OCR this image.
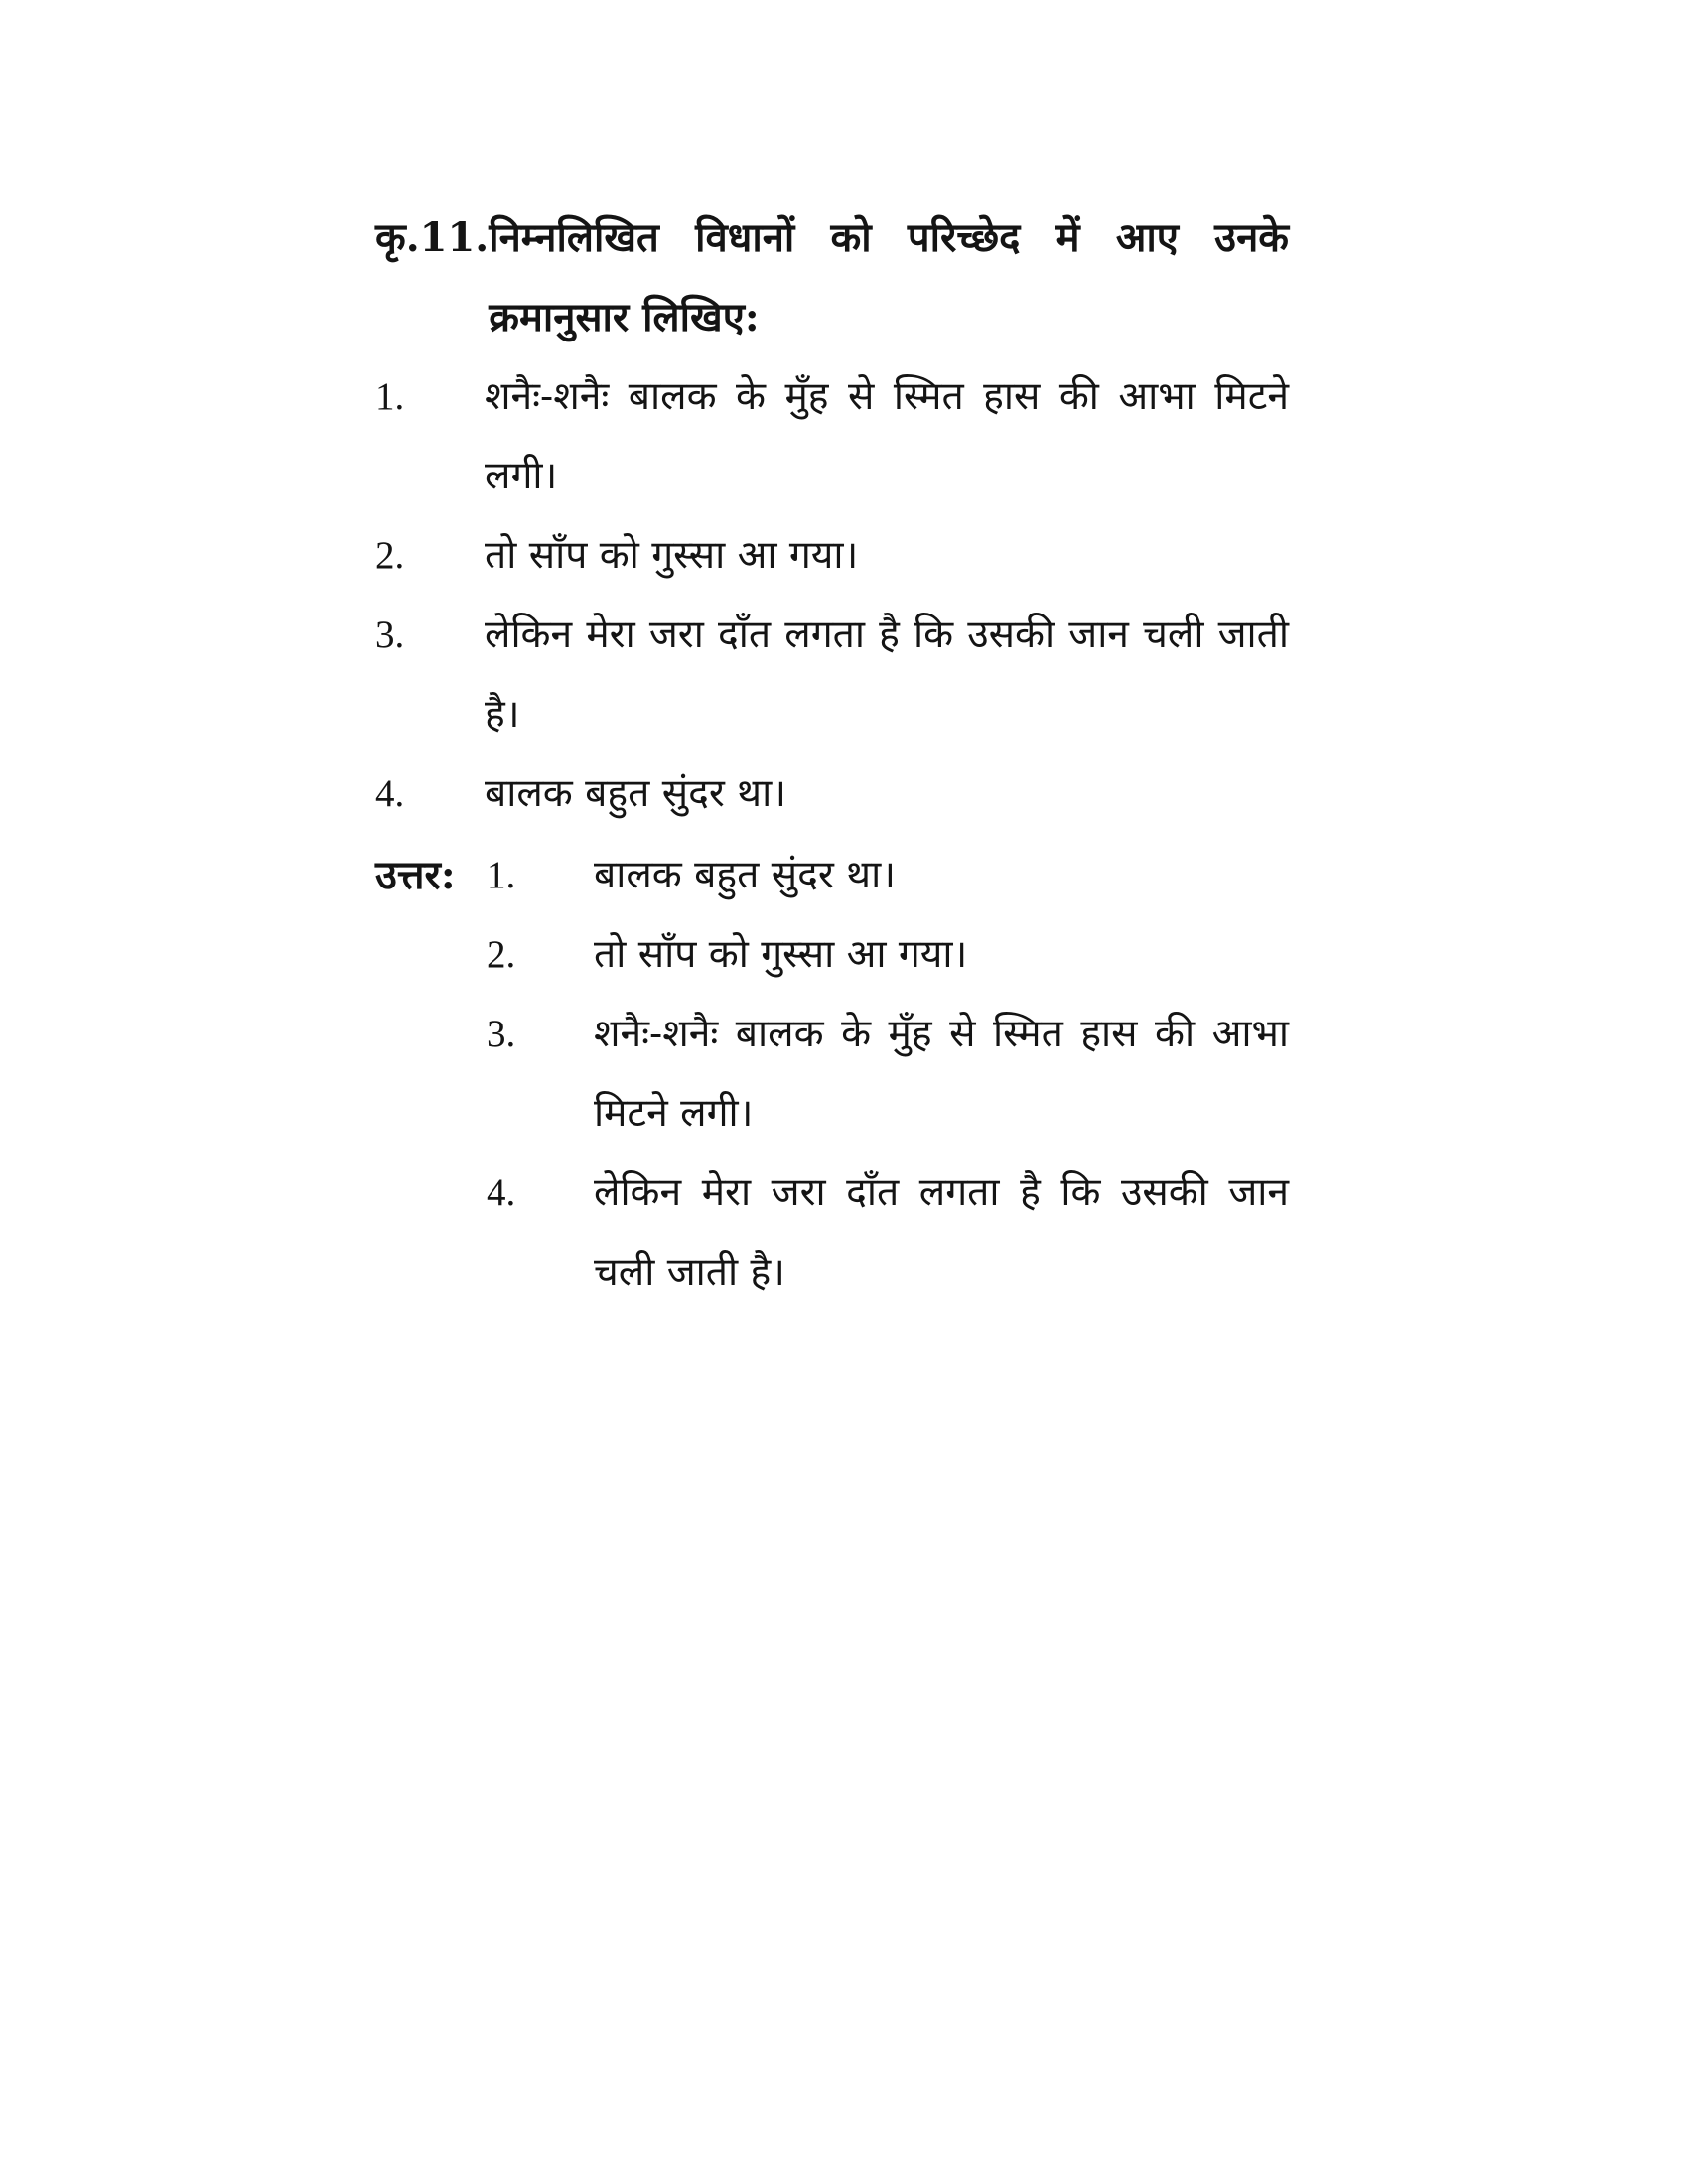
कृ.11. निम्नलिखित विधानों को परिच्छेद में आए उनके क्रमानुसार लिखिए:
1.	शनैः-शनैः बालक के मुँह से स्मित हास की आभा मिटने लगी।
2.	तो साँप को गुस्सा आ गया।
3.	लेकिन मेरा जरा दाँत लगता है कि उसकी जान चली जाती है।
4.	बालक बहुत सुंदर था।
उत्तर: 1.	बालक बहुत सुंदर था।
2.	तो साँप को गुस्सा आ गया।
3.	शनैः-शनैः बालक के मुँह से स्मित हास की आभा मिटने लगी।
4.	लेकिन मेरा जरा दाँत लगता है कि उसकी जान चली जाती है।
